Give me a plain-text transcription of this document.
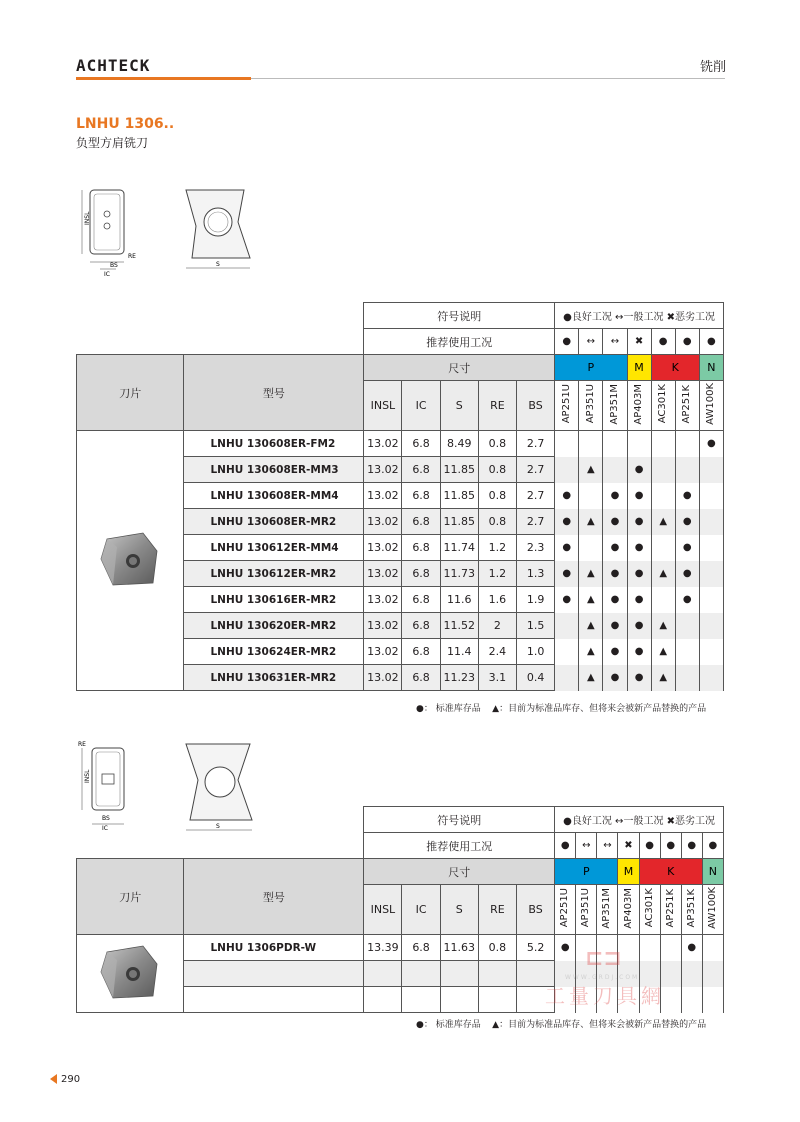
ACHTECK	铣削
LNHU 1306..
负型方肩铣刀
INSL
BS
IC
RE
S
		符号说明					●良好工况 ↔一般工况 ✖恶劣工况						
		推荐使用工况					●	↔	↔	✖	●	●	●
刀片	型号	尺寸					P			M	K		N
		INSL	IC	S	RE	BS	AP251U	AP351U	AP351M	AP403M	AC301K	AP251K	AW100K
	LNHU 130608ER-FM2	13.02	6.8	8.49	0.8	2.7							●
	LNHU 130608ER-MM3	13.02	6.8	11.85	0.8	2.7		▲		●			
	LNHU 130608ER-MM4	13.02	6.8	11.85	0.8	2.7	●		●	●		●	
	LNHU 130608ER-MR2	13.02	6.8	11.85	0.8	2.7	●	▲	●	●	▲	●	
	LNHU 130612ER-MM4	13.02	6.8	11.74	1.2	2.3	●		●	●		●	
	LNHU 130612ER-MR2	13.02	6.8	11.73	1.2	1.3	●	▲	●	●	▲	●	
	LNHU 130616ER-MR2	13.02	6.8	11.6	1.6	1.9	●	▲	●	●		●	
	LNHU 130620ER-MR2	13.02	6.8	11.52	2	1.5		▲	●	●	▲		
	LNHU 130624ER-MR2	13.02	6.8	11.4	2.4	1.0		▲	●	●	▲		
	LNHU 130631ER-MR2	13.02	6.8	11.23	3.1	0.4		▲	●	●	▲		
●： 标准库存品 ▲：目前为标准品库存、但将来会被新产品替换的产品
RE
INSL
BS
IC	S
		符号说明					●良好工况 ↔一般工况 ✖恶劣工况							
		推荐使用工况					●	↔	↔	✖	●	●	●	●
刀片	型号	尺寸					P			M	K			N
		INSL	IC	S	RE	BS	AP251U	AP351U	AP351M	AP403M	AC301K	AP251K	AP351K	AW100K
	LNHU 1306PDR-W	13.39	6.8	11.63	0.8	5.2	●						●	

●： 标准库存品 ▲：目前为标准品库存、但将来会被新产品替换的产品
⊏⊐
WWW.GRDJ.COM
工量刀具網
290
